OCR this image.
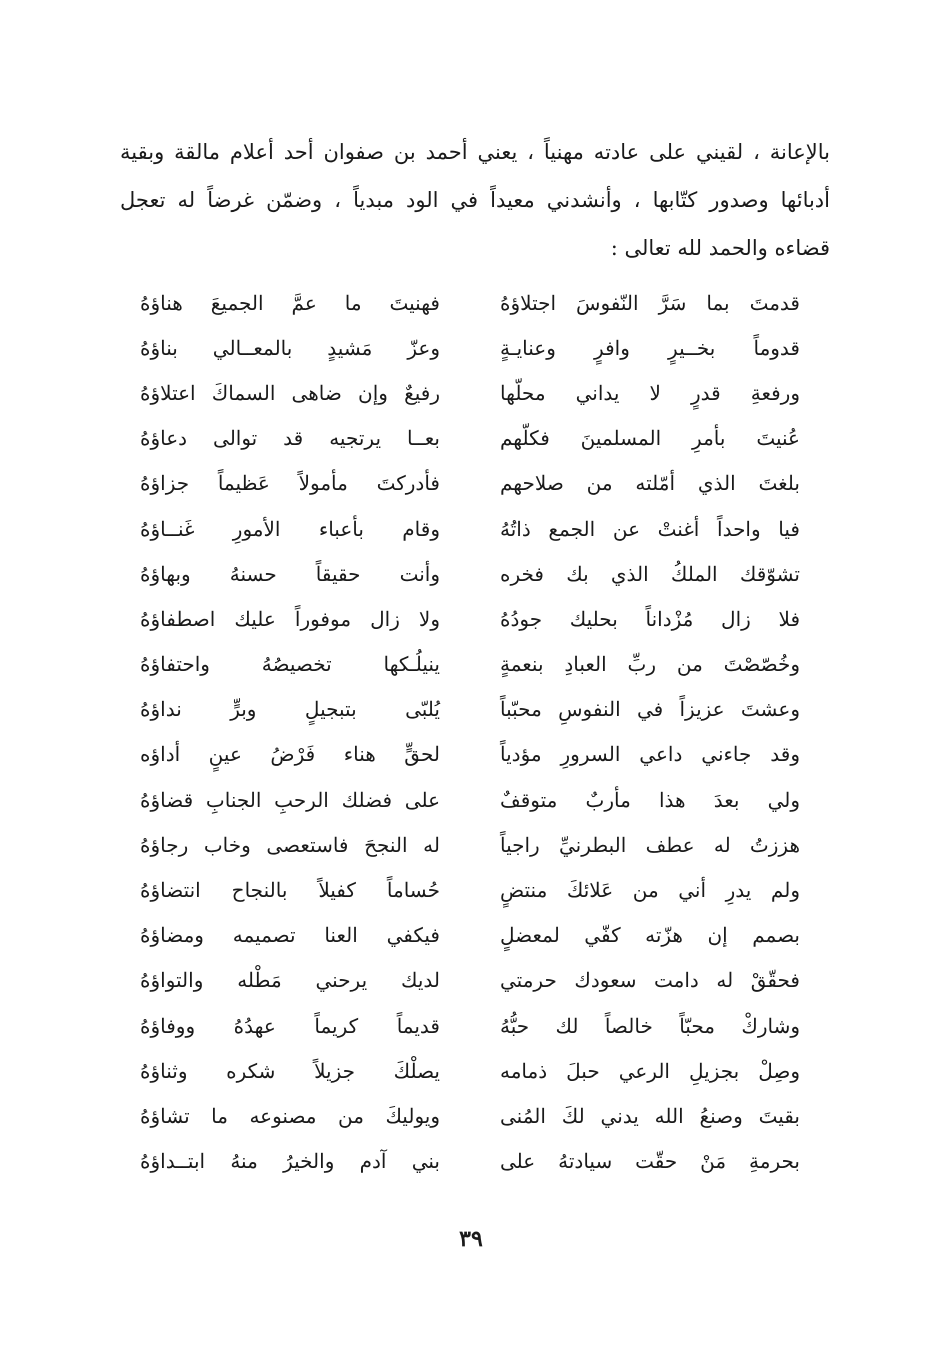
بالإعانة ، لقيني على عادته مهنياً ، يعني أحمد بن صفوان أحد أعلام مالقة وبقية
أدبائها وصدور كتّابها ، وأنشدني معيداً في الود مبدياً ، وضمّن غرضاً له تعجل
قضاءه والحمد لله تعالى :
قدمتَ بما سَرَّ النّفوسَ اجتلاؤهُ
فهنيتَ ما عمَّ الجميعَ هناؤهُ
قدوماً بخــيرٍ وافرٍ وعنايـةٍ
وعزّ مَشيدٍ بالمعــالي بناؤهُ
ورفعةِ قدرٍ لا يداني محلّها
رفيعٌ وإن ضاهى السماكَ اعتلاؤهُ
عُنيتَ بأمرِ المسلمينَ فكلّهم
بعــا يرتجيه قد توالى دعاؤهُ
بلغتَ الذي أمّلته من صلاحهم
فأدركتَ مأمولاً عَظيماً جزاؤهُ
فيا واحداً أغنتْ عن الجمع ذاتُهُ
وقام بأعباء الأمورِ غَنــاؤهُ
تشوّقك الملكُ الذي بك فخره
وأنت حقيقاً حسنهُ وبهاؤهُ
فلا زال مُزْداناً بحليك جودُهُ
ولا زال موفوراً عليك اصطفاؤهُ
وخُصّصْتَ من ربِّ العبادِ بنعمةٍ
ينيلُـكها تخصيصُهُ واحتفاؤهُ
وعشتَ عزيزاً في النفوسِ محبّباً
يُلبّى بتبجيلٍ وبرٍّ نداؤهُ
وقد جاءني داعي السرورِ مؤدياً
لحقٍّ هناء فَرْضُ عينٍ أداؤه
ولي بعدَ هذا مأربٌ متوقفٌ
على فضلك الرحبِ الجنابِ قضاؤهُ
هززتُ له عطف البطرنيِّ راجياً
له النجحَ فاستعصى وخاب رجاؤهُ
ولم يدرِ أني من عَلائكَ منتضٍ
حُساماً كفيلاً بالنجاح انتضاؤهُ
بصمم إن هزّته كفّي لمعضلٍ
فيكفي العنا تصميمه ومضاؤهُ
فحقّقْ له دامت سعودك حرمتي
لديك يرحني مَطْله والتواؤهُ
وشاركْ محبّاً خالصاً لك حبُّهُ
قديماً كريماً عهدُهُ ووفاؤهُ
وصِلْ بجزيلِ الرعي حبلَ ذمامه
يصلْكَ جزيلاً شكره وثناؤهُ
بقيتَ وصنعُ الله يدني لكَ المُنى
ويوليكَ من مصنوعه ما تشاؤهُ
بحرمةِ مَنْ حقّت سيادتهُ على
بني آدم والخيرُ منهُ ابتــداؤهُ
٣٩
